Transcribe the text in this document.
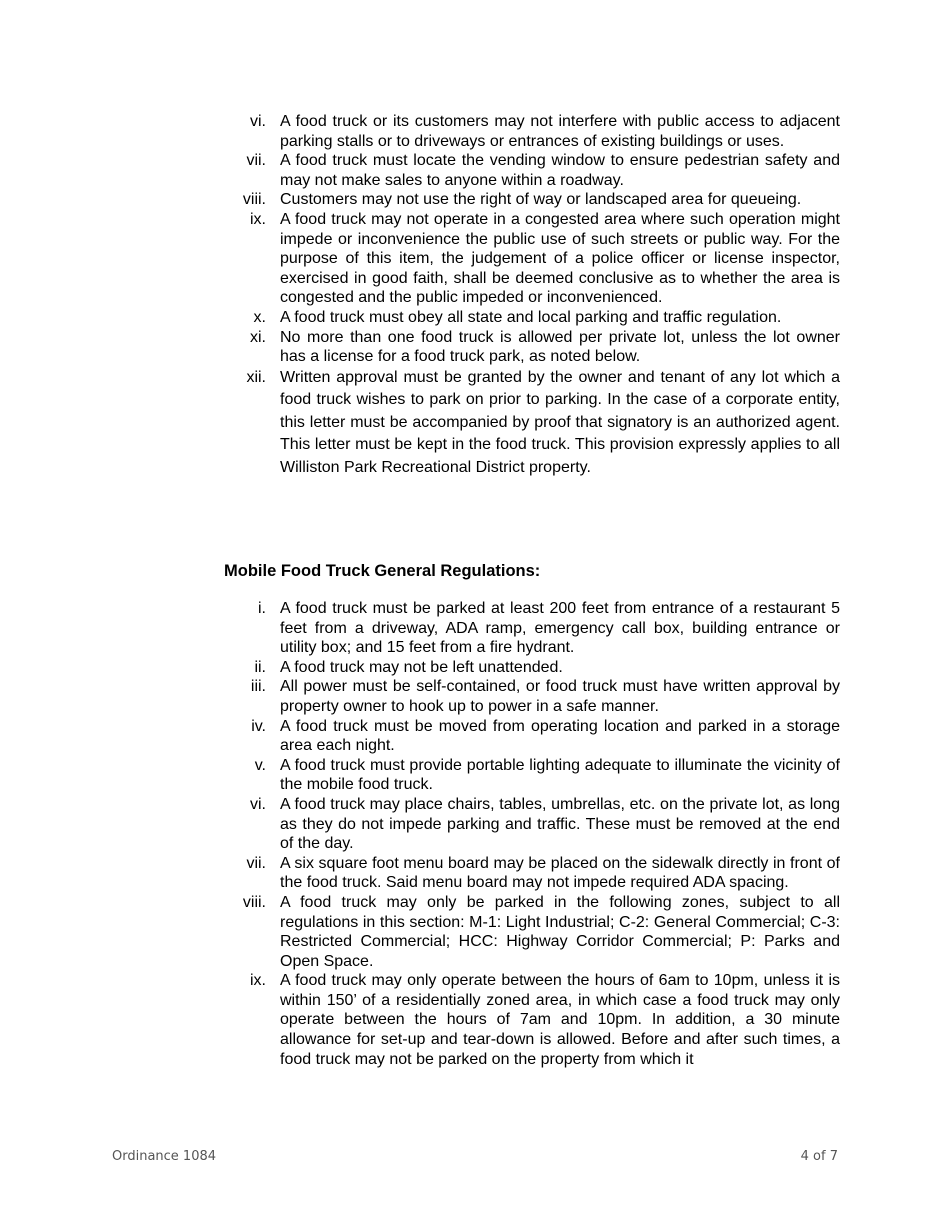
vi. A food truck or its customers may not interfere with public access to adjacent parking stalls or to driveways or entrances of existing buildings or uses.
vii. A food truck must locate the vending window to ensure pedestrian safety and may not make sales to anyone within a roadway.
viii. Customers may not use the right of way or landscaped area for queueing.
ix. A food truck may not operate in a congested area where such operation might impede or inconvenience the public use of such streets or public way. For the purpose of this item, the judgement of a police officer or license inspector, exercised in good faith, shall be deemed conclusive as to whether the area is congested and the public impeded or inconvenienced.
x. A food truck must obey all state and local parking and traffic regulation.
xi. No more than one food truck is allowed per private lot, unless the lot owner has a license for a food truck park, as noted below.
xii. Written approval must be granted by the owner and tenant of any lot which a food truck wishes to park on prior to parking. In the case of a corporate entity, this letter must be accompanied by proof that signatory is an authorized agent. This letter must be kept in the food truck. This provision expressly applies to all Williston Park Recreational District property.
Mobile Food Truck General Regulations:
i. A food truck must be parked at least 200 feet from entrance of a restaurant 5 feet from a driveway, ADA ramp, emergency call box, building entrance or utility box; and 15 feet from a fire hydrant.
ii. A food truck may not be left unattended.
iii. All power must be self-contained, or food truck must have written approval by property owner to hook up to power in a safe manner.
iv. A food truck must be moved from operating location and parked in a storage area each night.
v. A food truck must provide portable lighting adequate to illuminate the vicinity of the mobile food truck.
vi. A food truck may place chairs, tables, umbrellas, etc. on the private lot, as long as they do not impede parking and traffic. These must be removed at the end of the day.
vii. A six square foot menu board may be placed on the sidewalk directly in front of the food truck. Said menu board may not impede required ADA spacing.
viii. A food truck may only be parked in the following zones, subject to all regulations in this section: M-1: Light Industrial; C-2: General Commercial; C-3: Restricted Commercial; HCC: Highway Corridor Commercial; P: Parks and Open Space.
ix. A food truck may only operate between the hours of 6am to 10pm, unless it is within 150’ of a residentially zoned area, in which case a food truck may only operate between the hours of 7am and 10pm. In addition, a 30 minute allowance for set-up and tear-down is allowed. Before and after such times, a food truck may not be parked on the property from which it
Ordinance 1084	4 of 7
